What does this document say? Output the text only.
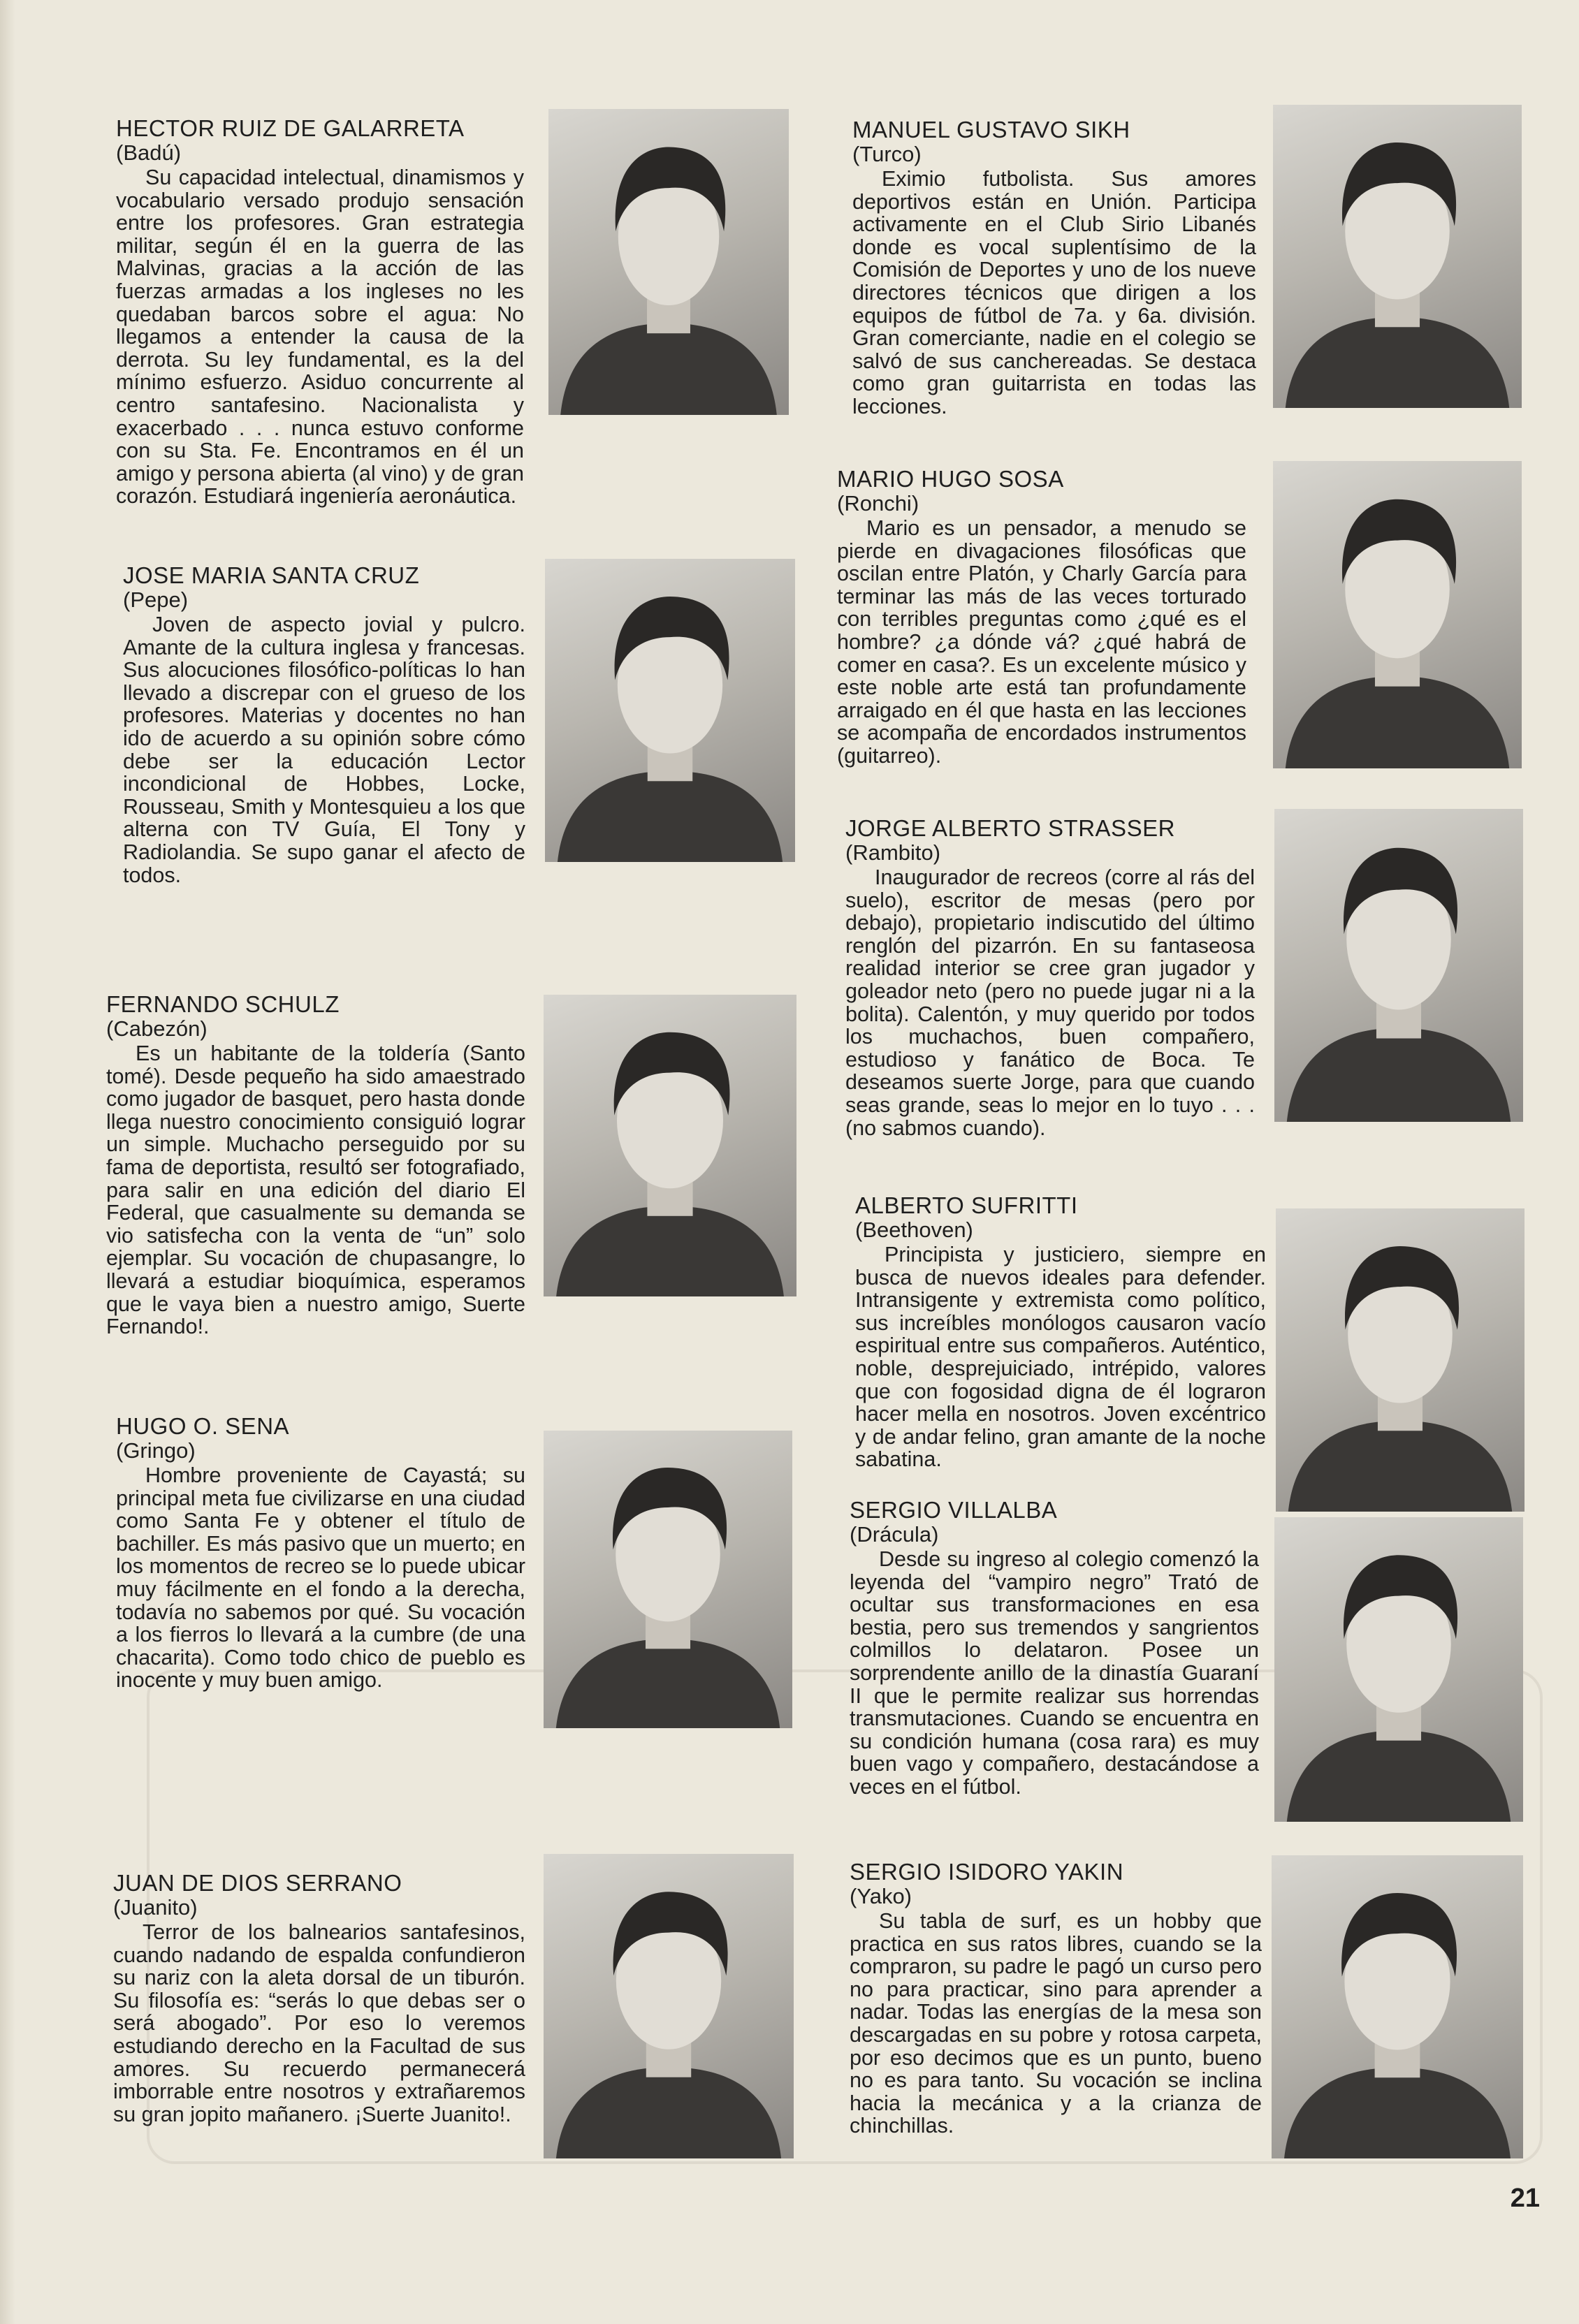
HECTOR RUIZ DE GALARRETA

(Badú)

Su capacidad intelectual, dinamismos y vocabulario versado produjo sensación entre los profesores. Gran estrategia militar, según él en la guerra de las Malvinas, gracias a la acción de las fuerzas armadas a los ingleses no les quedaban barcos sobre el agua: No llegamos a entender la causa de la derrota. Su ley fundamental, es la del mínimo esfuerzo. Asiduo concurrente al centro santafesino. Nacionalista y exacerbado . . . nunca estuvo conforme con su Sta. Fe. Encontramos en él un amigo y persona abierta (al vino) y de gran corazón. Estudiará ingeniería aeronáutica.

JOSE MARIA SANTA CRUZ

(Pepe)

Joven de aspecto jovial y pulcro. Amante de la cultura inglesa y francesas. Sus alocuciones filosófico-políticas lo han llevado a discrepar con el grueso de los profesores. Materias y docentes no han ido de acuerdo a su opinión sobre cómo debe ser la educación Lector incondicional de Hobbes, Locke, Rousseau, Smith y Montesquieu a los que alterna con TV Guía, El Tony y Radiolandia. Se supo ganar el afecto de todos.

FERNANDO SCHULZ

(Cabezón)

Es un habitante de la toldería (Santo tomé). Desde pequeño ha sido amaestrado como jugador de basquet, pero hasta donde llega nuestro conocimiento consiguió lograr un simple. Muchacho perseguido por su fama de deportista, resultó ser fotografiado, para salir en una edición del diario El Federal, que casualmente su demanda se vio satisfecha con la venta de “un” solo ejemplar. Su vocación de chupasangre, lo llevará a estudiar bioquímica, esperamos que le vaya bien a nuestro amigo, Suerte Fernando!.

HUGO O. SENA

(Gringo)

Hombre proveniente de Cayastá; su principal meta fue civilizarse en una ciudad como Santa Fe y obtener el título de bachiller. Es más pasivo que un muerto; en los momentos de recreo se lo puede ubicar muy fácilmente en el fondo a la derecha, todavía no sabemos por qué. Su vocación a los fierros lo llevará a la cumbre (de una chacarita). Como todo chico de pueblo es inocente y muy buen amigo.

JUAN DE DIOS SERRANO

(Juanito)

Terror de los balnearios santafesinos, cuando nadando de espalda confundieron su nariz con la aleta dorsal de un tiburón. Su filosofía es: “serás lo que debas ser o será abogado”. Por eso lo veremos estudiando derecho en la Facultad de sus amores. Su recuerdo permanecerá imborrable entre nosotros y extrañaremos su gran jopito mañanero. ¡Suerte Juanito!.

MANUEL GUSTAVO SIKH

(Turco)

Eximio futbolista. Sus amores deportivos están en Unión. Participa activamente en el Club Sirio Libanés donde es vocal suplentísimo de la Comisión de Deportes y uno de los nueve directores técnicos que dirigen a los equipos de fútbol de 7a. y 6a. división. Gran comerciante, nadie en el colegio se salvó de sus canchereadas. Se destaca como gran guitarrista en todas las lecciones.

MARIO HUGO SOSA

(Ronchi)

Mario es un pensador, a menudo se pierde en divagaciones filosóficas que oscilan entre Platón, y Charly García para terminar las más de las veces torturado con terribles preguntas como ¿qué es el hombre? ¿a dónde vá? ¿qué habrá de comer en casa?. Es un excelente músico y este noble arte está tan profundamente arraigado en él que hasta en las lecciones se acompaña de encordados instrumentos (guitarreo).

JORGE ALBERTO STRASSER

(Rambito)

Inaugurador de recreos (corre al rás del suelo), escritor de mesas (pero por debajo), propietario indiscutido del último renglón del pizarrón. En su fantaseosa realidad interior se cree gran jugador y goleador neto (pero no puede jugar ni a la bolita). Calentón, y muy querido por todos los muchachos, buen compañero, estudioso y fanático de Boca. Te deseamos suerte Jorge, para que cuando seas grande, seas lo mejor en lo tuyo . . . (no sabmos cuando).

ALBERTO SUFRITTI

(Beethoven)

Principista y justiciero, siempre en busca de nuevos ideales para defender. Intransigente y extremista como político, sus increíbles monólogos causaron vacío espiritual entre sus compañeros. Auténtico, noble, desprejuiciado, intrépido, valores que con fogosidad digna de él lograron hacer mella en nosotros. Joven excéntrico y de andar felino, gran amante de la noche sabatina.

SERGIO VILLALBA

(Drácula)

Desde su ingreso al colegio comenzó la leyenda del “vampiro negro” Trató de ocultar sus transformaciones en esa bestia, pero sus tremendos y sangrientos colmillos lo delataron. Posee un sorprendente anillo de la dinastía Guaraní II que le permite realizar sus horrendas transmutaciones. Cuando se encuentra en su condición humana (cosa rara) es muy buen vago y compañero, destacándose a veces en el fútbol.

SERGIO ISIDORO YAKIN

(Yako)

Su tabla de surf, es un hobby que practica en sus ratos libres, cuando se la compraron, su padre le pagó un curso pero no para practicar, sino para aprender a nadar. Todas las energías de la mesa son descargadas en su pobre y rotosa carpeta, por eso decimos que es un punto, bueno no es para tanto. Su vocación se inclina hacia la mecánica y a la crianza de chinchillas.

21
